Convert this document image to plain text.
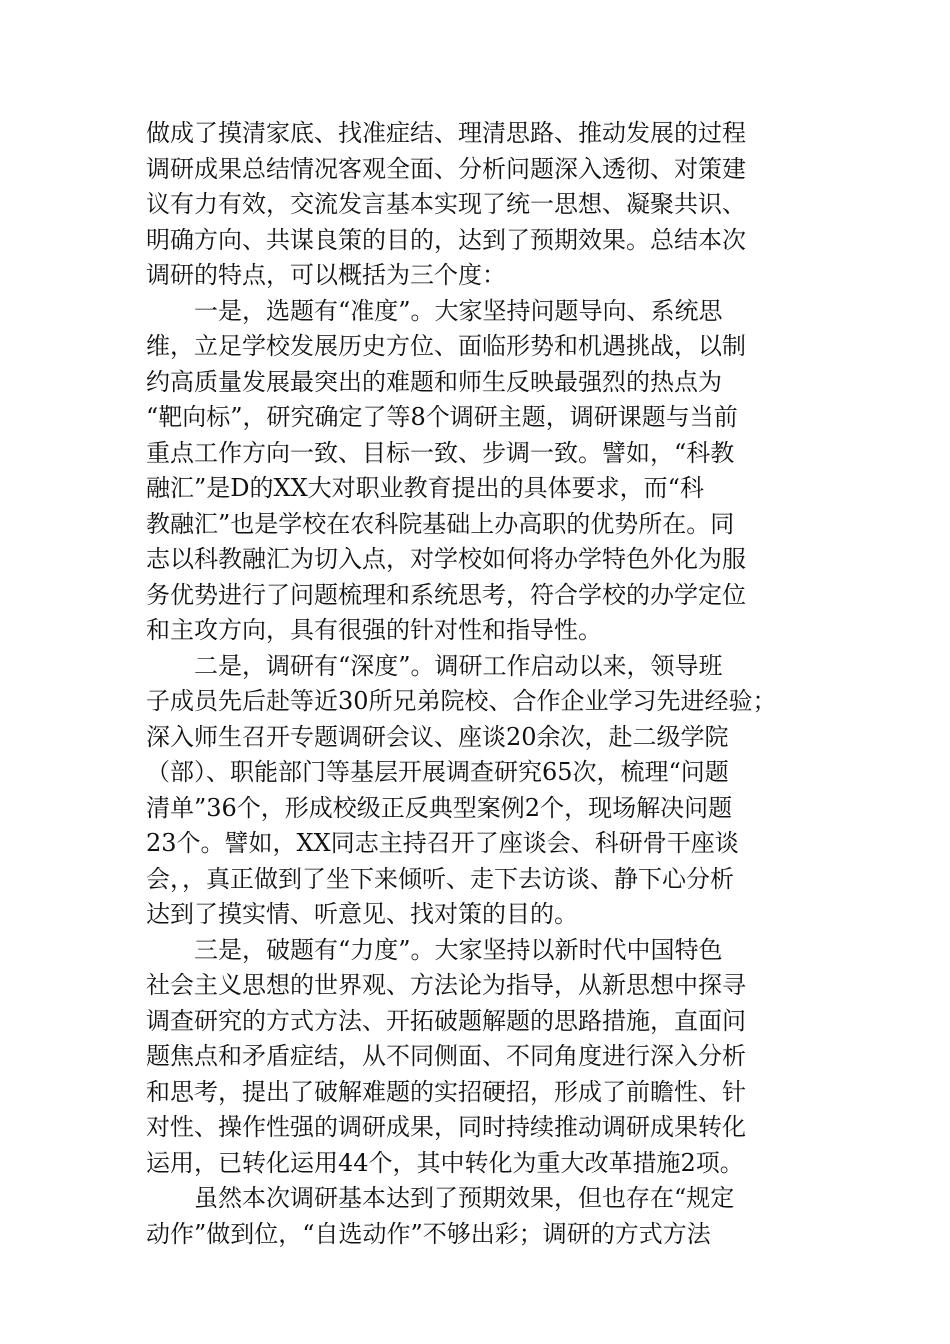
做成了摸清家底、找准症结、理清思路、推动发展的过程
调研成果总结情况客观全面、分析问题深入透彻、对策建
议有力有效，交流发言基本实现了统一思想、凝聚共识、
明确方向、共谋良策的目的，达到了预期效果。总结本次
调研的特点，可以概括为三个度：
一是，选题有“准度”。大家坚持问题导向、系统思
维，立足学校发展历史方位、面临形势和机遇挑战，以制
约高质量发展最突出的难题和师生反映最强烈的热点为
“靶向标”，研究确定了等8个调研主题，调研课题与当前
重点工作方向一致、目标一致、步调一致。譬如，“科教
融汇”是D的XX大对职业教育提出的具体要求，而“科
教融汇”也是学校在农科院基础上办高职的优势所在。同
志以科教融汇为切入点，对学校如何将办学特色外化为服
务优势进行了问题梳理和系统思考，符合学校的办学定位
和主攻方向，具有很强的针对性和指导性。
二是，调研有“深度”。调研工作启动以来，领导班
子成员先后赴等近30所兄弟院校、合作企业学习先进经验；
深入师生召开专题调研会议、座谈20余次，赴二级学院
（部）、职能部门等基层开展调查研究65次，梳理“问题
清单”36个，形成校级正反典型案例2个，现场解决问题
23个。譬如，XX同志主持召开了座谈会、科研骨干座谈
会，，真正做到了坐下来倾听、走下去访谈、静下心分析
达到了摸实情、听意见、找对策的目的。
三是，破题有“力度”。大家坚持以新时代中国特色
社会主义思想的世界观、方法论为指导，从新思想中探寻
调查研究的方式方法、开拓破题解题的思路措施，直面问
题焦点和矛盾症结，从不同侧面、不同角度进行深入分析
和思考，提出了破解难题的实招硬招，形成了前瞻性、针
对性、操作性强的调研成果，同时持续推动调研成果转化
运用，已转化运用44个，其中转化为重大改革措施2项。
虽然本次调研基本达到了预期效果，但也存在“规定
动作”做到位，“自选动作”不够出彩；调研的方式方法
